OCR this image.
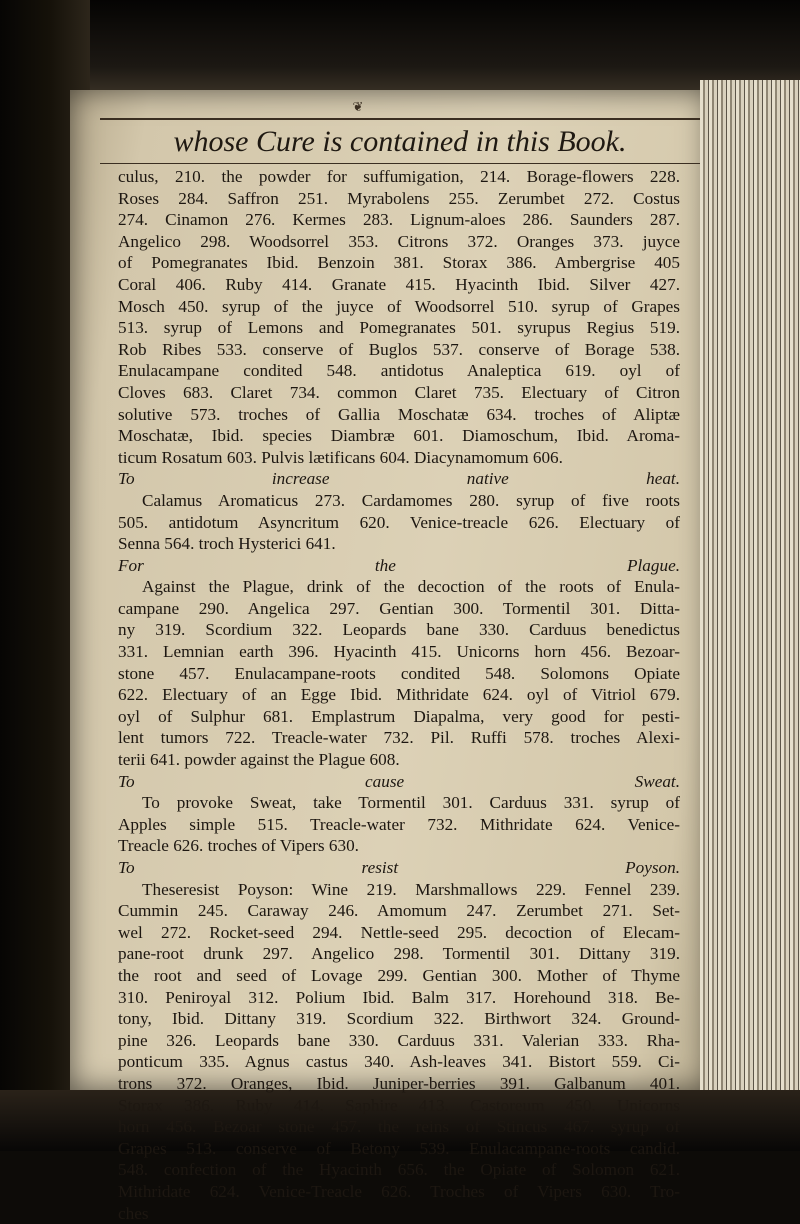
❦
whose Cure is contained in this Book.

culus, 210. the powder for suffumigation, 214. Borage-flowers 228.

Roses 284. Saffron 251. Myrabolens 255. Zerumbet 272. Costus

274. Cinamon 276. Kermes 283. Lignum-aloes 286. Saunders 287.

Angelico 298. Woodsorrel 353. Citrons 372. Oranges 373. juyce

of Pomegranates Ibid. Benzoin 381. Storax 386. Ambergrise 405

Coral 406. Ruby 414. Granate 415. Hyacinth Ibid. Silver 427.

Mosch 450. syrup of the juyce of Woodsorrel 510. syrup of Grapes

513. syrup of Lemons and Pomegranates 501. syrupus Regius 519.

Rob Ribes 533. conserve of Buglos 537. conserve of Borage 538.

Enulacampane condited 548. antidotus Analeptica 619. oyl of

Cloves 683. Claret 734. common Claret 735. Electuary of Citron

solutive 573. troches of Gallia Moschatæ 634. troches of Aliptæ

Moschatæ, Ibid. species Diambræ 601. Diamoschum, Ibid. Aroma-

ticum Rosatum 603. Pulvis lætificans 604. Diacynamomum 606.

To increase native heat.

Calamus Aromaticus 273. Cardamomes 280. syrup of five roots

505. antidotum Asyncritum 620. Venice-treacle 626. Electuary of

Senna 564. troch Hysterici 641.

For the Plague.

Against the Plague, drink of the decoction of the roots of Enula-

campane 290. Angelica 297. Gentian 300. Tormentil 301. Ditta-

ny 319. Scordium 322. Leopards bane 330. Carduus benedictus

331. Lemnian earth 396. Hyacinth 415. Unicorns horn 456. Bezoar-

stone 457. Enulacampane-roots condited 548. Solomons Opiate

622. Electuary of an Egge Ibid. Mithridate 624. oyl of Vitriol 679.

oyl of Sulphur 681. Emplastrum Diapalma, very good for pesti-

lent tumors 722. Treacle-water 732. Pil. Ruffi 578. troches Alexi-

terii 641. powder against the Plague 608.

To cause Sweat.

To provoke Sweat, take Tormentil 301. Carduus 331. syrup of

Apples simple 515. Treacle-water 732. Mithridate 624. Venice-

Treacle 626. troches of Vipers 630.

To resist Poyson.

Theseresist Poyson: Wine 219. Marshmallows 229. Fennel 239.

Cummin 245. Caraway 246. Amomum 247. Zerumbet 271. Set-

wel 272. Rocket-seed 294. Nettle-seed 295. decoction of Elecam-

pane-root drunk 297. Angelico 298. Tormentil 301. Dittany 319.

the root and seed of Lovage 299. Gentian 300. Mother of Thyme

310. Peniroyal 312. Polium Ibid. Balm 317. Horehound 318. Be-

tony, Ibid. Dittany 319. Scordium 322. Birthwort 324. Ground-

pine 326. Leopards bane 330. Carduus 331. Valerian 333. Rha-

ponticum 335. Agnus castus 340. Ash-leaves 341. Bistort 559. Ci-

trons 372. Oranges, Ibid. Juniper-berries 391. Galbanum 401.

Storax 386. Ruby 414. Saphire 413. Castoreum 450. Unicorns

horn 456. Bezoar stone 457. the reins of Stincus 467. syrup of

Grapes 513. conserve of Betony 539. Enulacampane-roots candid.

548. confection of the Hyacinth 656. the Opiate of Solomon 621.

Mithridate 624. Venice-Treacle 626. Troches of Vipers 630. Tro-

ches
